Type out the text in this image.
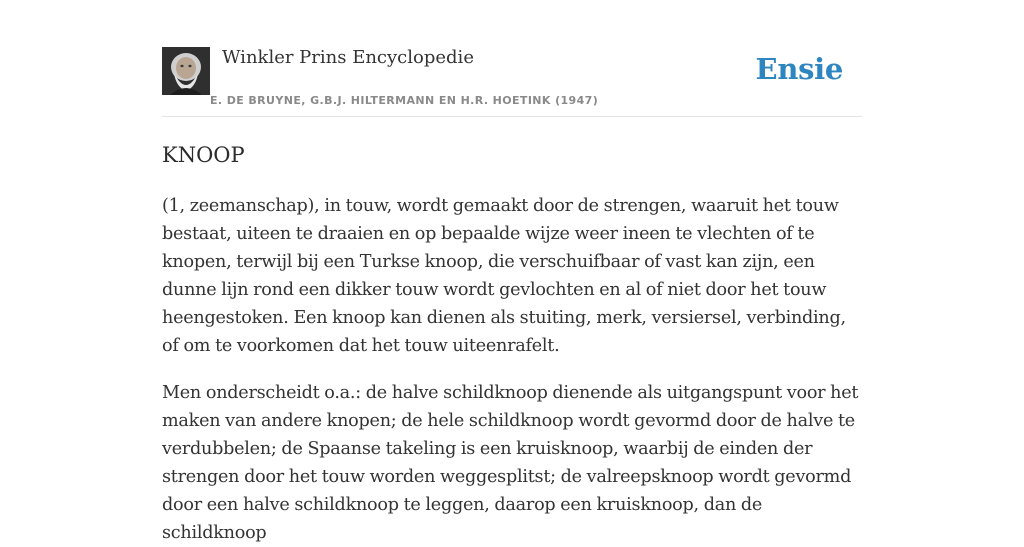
Winkler Prins Encyclopedie
E. DE BRUYNE, G.B.J. HILTERMANN EN H.R. HOETINK (1947)
Ensie
KNOOP

(1, zeemanschap), in touw, wordt gemaakt door de strengen, waaruit het touw bestaat, uiteen te draaien en op bepaalde wijze weer ineen te vlechten of te knopen, terwijl bij een Turkse knoop, die verschuifbaar of vast kan zijn, een dunne lijn rond een dikker touw wordt gevlochten en al of niet door het touw heengestoken. Een knoop kan dienen als stuiting, merk, versiersel, verbinding, of om te voorkomen dat het touw uiteenrafelt.

Men onderscheidt o.a.: de halve schildknoop dienende als uitgangspunt voor het maken van andere knopen; de hele schildknoop wordt gevormd door de halve te verdubbelen; de Spaanse takeling is een kruisknoop, waarbij de einden der strengen door het touw worden weggesplitst; de valreepsknoop wordt gevormd door een halve schildknoop te leggen, daarop een kruisknoop, dan de schildknoop
